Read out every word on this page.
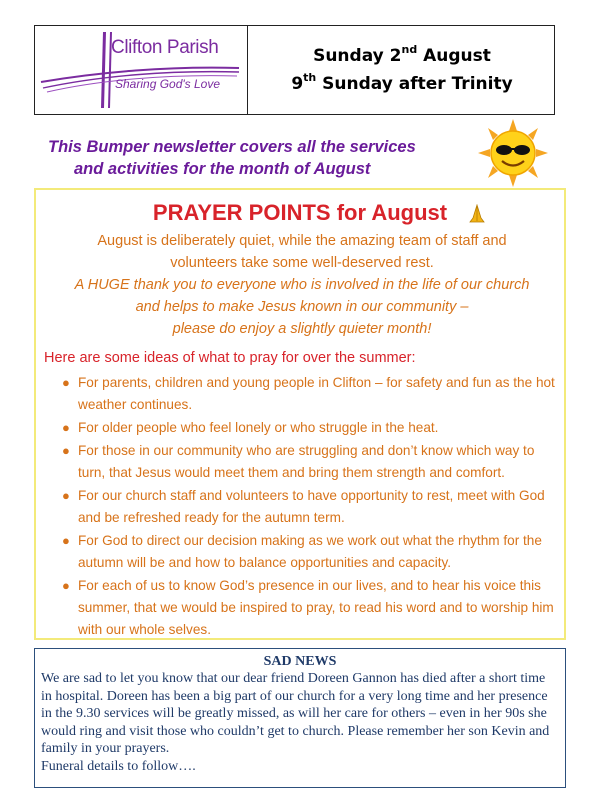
Clifton Parish
Sharing God's Love
Sunday 2nd August
9th Sunday after Trinity
This Bumper newsletter covers all the services
and activities for the month of August
PRAYER POINTS for August
August is deliberately quiet, while the amazing team of staff and
volunteers take some well-deserved rest.
A HUGE thank you to everyone who is involved in the life of our church
and helps to make Jesus known in our community –
please do enjoy a slightly quieter month!
Here are some ideas of what to pray for over the summer:
● For parents, children and young people in Clifton – for safety and fun as the hot weather continues.
● For older people who feel lonely or who struggle in the heat.
● For those in our community who are struggling and don’t know which way to turn, that Jesus would meet them and bring them strength and comfort.
● For our church staff and volunteers to have opportunity to rest, meet with God and be refreshed ready for the autumn term.
● For God to direct our decision making as we work out what the rhythm for the autumn will be and how to balance opportunities and capacity.
● For each of us to know God’s presence in our lives, and to hear his voice this summer, that we would be inspired to pray, to read his word and to worship him with our whole selves.
SAD NEWS
We are sad to let you know that our dear friend Doreen Gannon has died after a short time in hospital. Doreen has been a big part of our church for a very long time and her presence in the 9.30 services will be greatly missed, as will her care for others – even in her 90s she would ring and visit those who couldn’t get to church. Please remember her son Kevin and family in your prayers.
Funeral details to follow….
